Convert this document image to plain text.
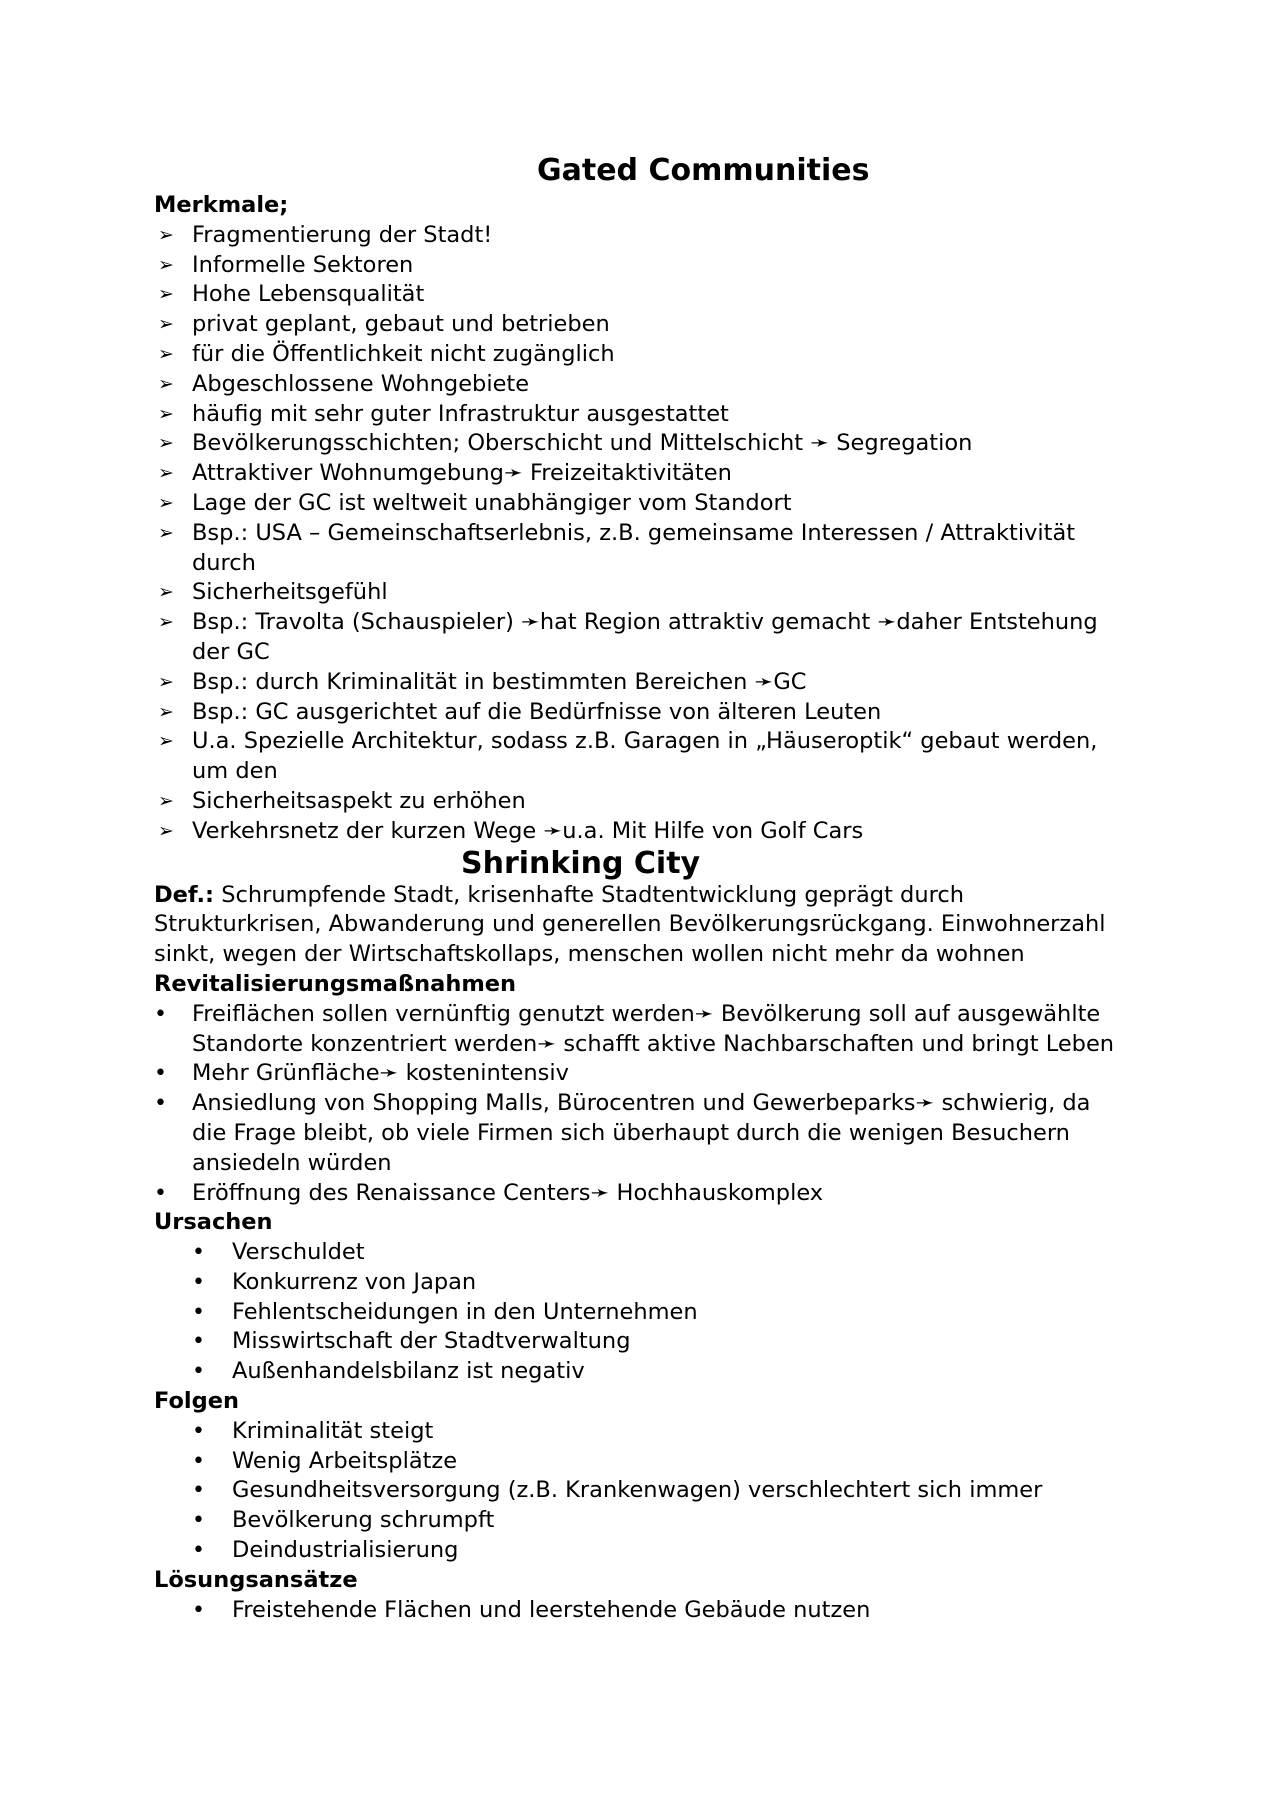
Gated Communities
Merkmale;
➢ Fragmentierung der Stadt!
➢ Informelle Sektoren
➢ Hohe Lebensqualität
➢ privat geplant, gebaut und betrieben
➢ für die Öffentlichkeit nicht zugänglich
➢ Abgeschlossene Wohngebiete
➢ häufig mit sehr guter Infrastruktur ausgestattet
➢ Bevölkerungsschichten; Oberschicht und Mittelschicht ➛ Segregation
➢ Attraktiver Wohnumgebung➛ Freizeitaktivitäten
➢ Lage der GC ist weltweit unabhängiger vom Standort
➢ Bsp.: USA – Gemeinschaftserlebnis, z.B. gemeinsame Interessen / Attraktivität durch
➢ Sicherheitsgefühl
➢ Bsp.: Travolta (Schauspieler) ➛hat Region attraktiv gemacht ➛daher Entstehung der GC
➢ Bsp.: durch Kriminalität in bestimmten Bereichen ➛GC
➢ Bsp.: GC ausgerichtet auf die Bedürfnisse von älteren Leuten
➢ U.a. Spezielle Architektur, sodass z.B. Garagen in „Häuseroptik“ gebaut werden, um den
➢ Sicherheitsaspekt zu erhöhen
➢ Verkehrsnetz der kurzen Wege ➛u.a. Mit Hilfe von Golf Cars
Shrinking City

Def.: Schrumpfende Stadt, krisenhafte Stadtentwicklung geprägt durch Strukturkrisen, Abwanderung und generellen Bevölkerungsrückgang. Einwohnerzahl sinkt, wegen der Wirtschaftskollaps, menschen wollen nicht mehr da wohnen

Revitalisierungsmaßnahmen
• Freiflächen sollen vernünftig genutzt werden➛ Bevölkerung soll auf ausgewählte Standorte konzentriert werden➛ schafft aktive Nachbarschaften und bringt Leben
• Mehr Grünfläche➛ kostenintensiv
• Ansiedlung von Shopping Malls, Bürocentren und Gewerbeparks➛ schwierig, da die Frage bleibt, ob viele Firmen sich überhaupt durch die wenigen Besuchern ansiedeln würden
• Eröffnung des Renaissance Centers➛ Hochhauskomplex
Ursachen
• Verschuldet
• Konkurrenz von Japan
• Fehlentscheidungen in den Unternehmen
• Misswirtschaft der Stadtverwaltung
• Außenhandelsbilanz ist negativ
Folgen
• Kriminalität steigt
• Wenig Arbeitsplätze
• Gesundheitsversorgung (z.B. Krankenwagen) verschlechtert sich immer
• Bevölkerung schrumpft
• Deindustrialisierung
Lösungsansätze
• Freistehende Flächen und leerstehende Gebäude nutzen
